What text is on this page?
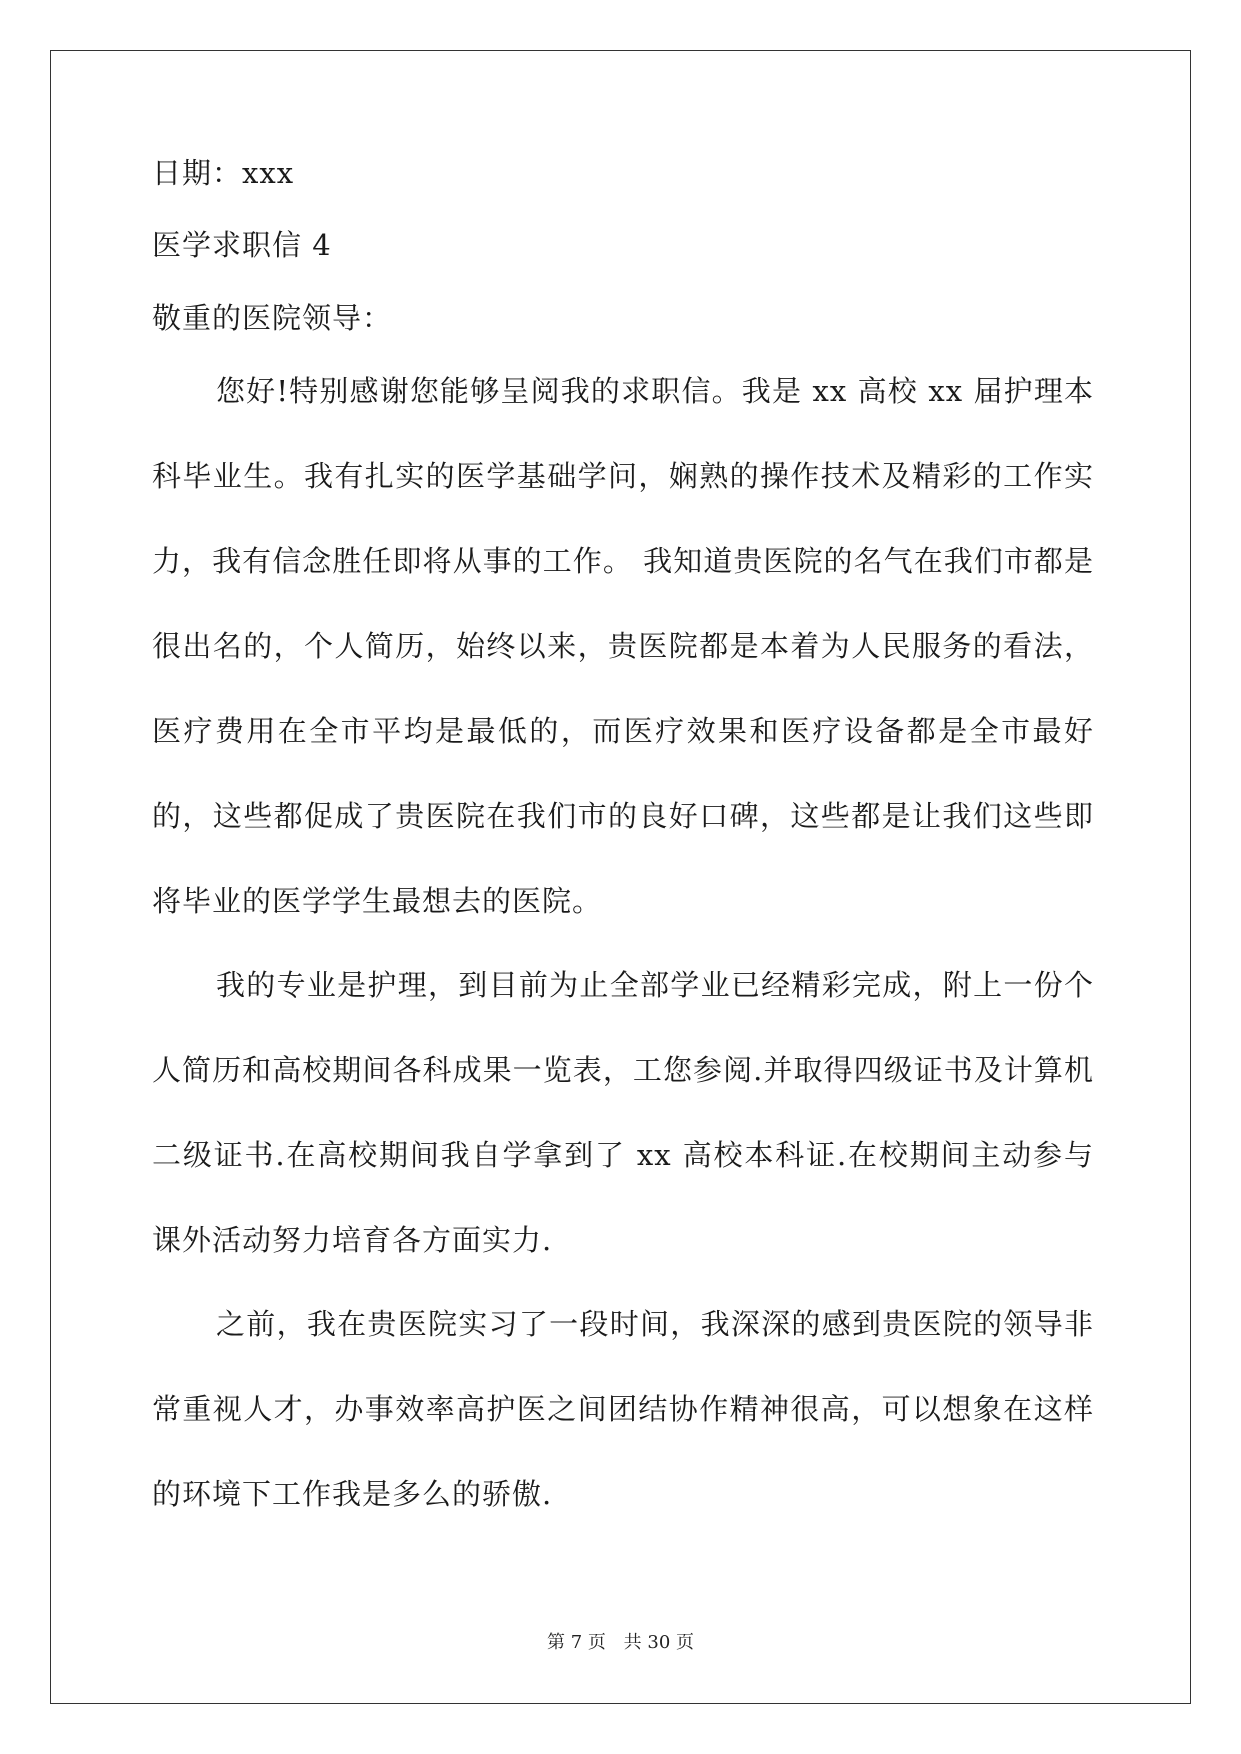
日期：xxx
医学求职信 4
敬重的医院领导：

您好!特别感谢您能够呈阅我的求职信。我是 xx 高校 xx 届护理本科毕业生。我有扎实的医学基础学问，娴熟的操作技术及精彩的工作实力，我有信念胜任即将从事的工作。 我知道贵医院的名气在我们市都是很出名的，个人简历，始终以来，贵医院都是本着为人民服务的看法，医疗费用在全市平均是最低的，而医疗效果和医疗设备都是全市最好的，这些都促成了贵医院在我们市的良好口碑，这些都是让我们这些即将毕业的医学学生最想去的医院。

我的专业是护理，到目前为止全部学业已经精彩完成，附上一份个人简历和高校期间各科成果一览表，工您参阅.并取得四级证书及计算机二级证书.在高校期间我自学拿到了 xx 高校本科证.在校期间主动参与课外活动努力培育各方面实力.

之前，我在贵医院实习了一段时间，我深深的感到贵医院的领导非常重视人才，办事效率高护医之间团结协作精神很高，可以想象在这样的环境下工作我是多么的骄傲.

第 7 页 共 30 页
